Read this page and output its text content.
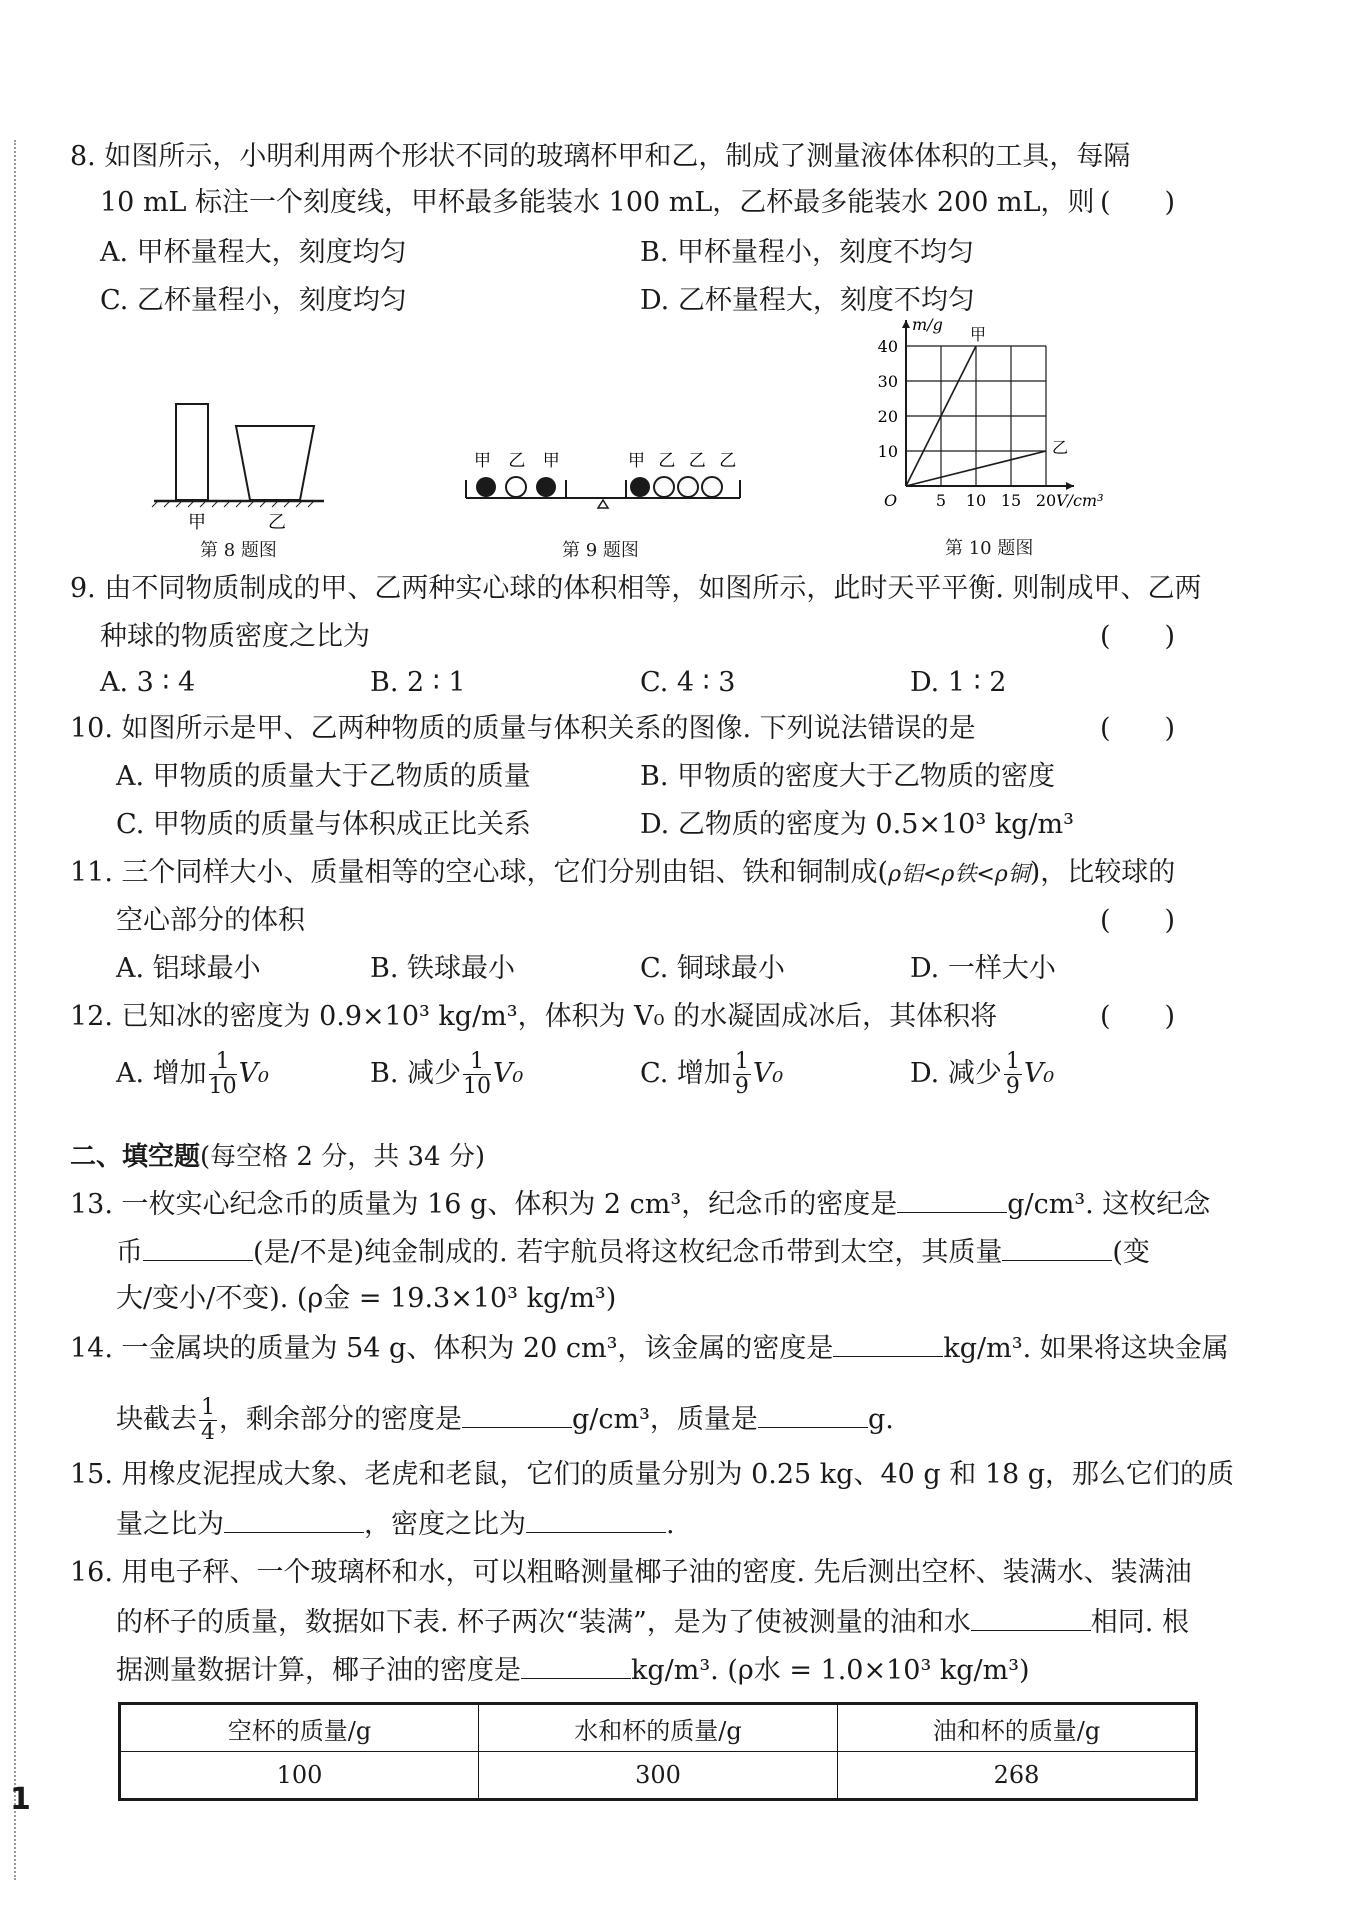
8. 如图所示，小明利用两个形状不同的玻璃杯甲和乙，制成了测量液体体积的工具，每隔
10 mL 标注一个刻度线，甲杯最多能装水 100 mL，乙杯最多能装水 200 mL，则 (　　)
A. 甲杯量程大，刻度均匀	B. 甲杯量程小，刻度不均匀
C. 乙杯量程小，刻度均匀	D. 乙杯量程大，刻度不均匀
甲	乙
第 8 题图
甲 乙 甲	甲 乙 乙 乙
第 9 题图
40
30
20
10
5 10 15 20
m/g
V/cm³
O
甲
乙
第 10 题图
9. 由不同物质制成的甲、乙两种实心球的体积相等，如图所示，此时天平平衡. 则制成甲、乙两
种球的物质密度之比为	(　　)
A. 3 ∶ 4	B. 2 ∶ 1	C. 4 ∶ 3	D. 1 ∶ 2
10. 如图所示是甲、乙两种物质的质量与体积关系的图像. 下列说法错误的是	(　　)
A. 甲物质的质量大于乙物质的质量	B. 甲物质的密度大于乙物质的密度
C. 甲物质的质量与体积成正比关系	D. 乙物质的密度为 0.5×10³ kg/m³
11. 三个同样大小、质量相等的空心球，它们分别由铝、铁和铜制成(ρ铝<ρ铁<ρ铜)，比较球的
空心部分的体积	(　　)
A. 铝球最小	B. 铁球最小	C. 铜球最小	D. 一样大小
12. 已知冰的密度为 0.9×10³ kg/m³，体积为 V₀ 的水凝固成冰后，其体积将	(　　)
A. 增加 $\frac{1}{10} V_0$	B. 减少 $\frac{1}{10} V_0$	C. 增加 $\frac{1}{9} V_0$	D. 减少 $\frac{1}{9} V_0$
二、填空题(每空格 2 分，共 34 分)
13. 一枚实心纪念币的质量为 16 g、体积为 2 cm³，纪念币的密度是	g/cm³. 这枚纪念
币	(是/不是)纯金制成的. 若宇航员将这枚纪念币带到太空，其质量	(变
大/变小/不变). (ρ金 = 19.3×10³ kg/m³)
14. 一金属块的质量为 54 g、体积为 20 cm³，该金属的密度是	kg/m³. 如果将这块金属
块截去 $\frac{1}{4}$ ，剩余部分的密度是	g/cm³，质量是	g.
15. 用橡皮泥捏成大象、老虎和老鼠，它们的质量分别为 0.25 kg、40 g 和 18 g，那么它们的质
量之比为	，密度之比为	.
16. 用电子秤、一个玻璃杯和水，可以粗略测量椰子油的密度. 先后测出空杯、装满水、装满油
的杯子的质量，数据如下表. 杯子两次“装满”，是为了使被测量的油和水	相同. 根
据测量数据计算，椰子油的密度是	kg/m³. (ρ水 = 1.0×10³ kg/m³)
空杯的质量/g	水和杯的质量/g	油和杯的质量/g
100	300	268
1
